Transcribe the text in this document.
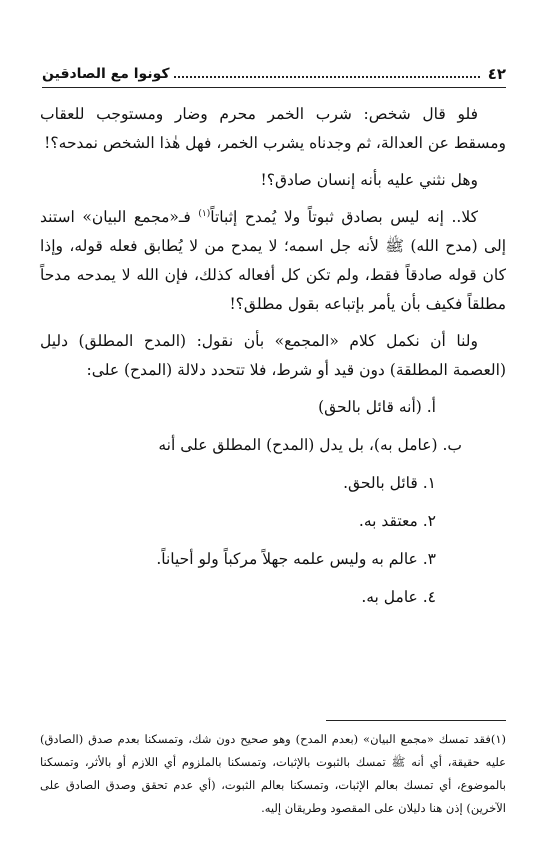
٤٢
كونوا مع الصادقين

فلو قال شخص: شرب الخمر محرم وضار ومستوجب للعقاب ومسقط عن العدالة، ثم وجدناه يشرب الخمر، فهل هٰذا الشخص نمدحه؟!

وهل نثني عليه بأنه إنسان صادق؟!

كلا.. إنه ليس بصادق ثبوتاً ولا يُمدح إثباتاً$^{(١)}$ فـ«مجمع البيان» استند إلى (مدح الله) ﷺ لأنه جل اسمه؛ لا يمدح من لا يُطابق فعله قوله، وإذا كان قوله صادقاً فقط، ولم تكن كل أفعاله كذلك، فإن الله لا يمدحه مدحاً مطلقاً فكيف بأن يأمر بإتباعه بقول مطلق؟!

ولنا أن نكمل كلام «المجمع» بأن نقول: (المدح المطلق) دليل (العصمة المطلقة) دون قيد أو شرط، فلا تتحدد دلالة (المدح) على:

أ. (أنه قائل بالحق)

ب. (عامل به)، بل يدل (المدح) المطلق على أنه

١. قائل بالحق.

٢. معتقد به.

٣. عالم به وليس علمه جهلاً مركباً ولو أحياناً.

٤. عامل به.

(١)فقد تمسك «مجمع البيان» (بعدم المدح) وهو صحيح دون شك، وتمسكنا بعدم صدق (الصادق) عليه حقيقة، أي أنه ﷺ تمسك بالثبوت بالإثبات، وتمسكنا بالملزوم أي اللازم أو بالأثر، وتمسكنا بالموضوع، أي تمسك بعالم الإثبات، وتمسكنا بعالم الثبوت، (أي عدم تحقق وصدق الصادق على الآخرين) إذن هنا دليلان على المقصود وطريقان إليه.
